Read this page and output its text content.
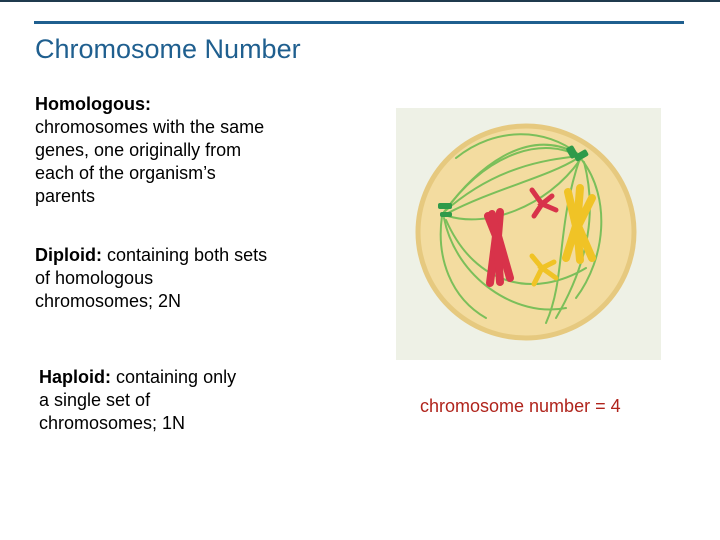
Chromosome Number
Homologous: chromosomes with the same genes, one originally from each of the organism’s parents
Diploid: containing both sets of homologous chromosomes; 2N
Haploid: containing only a single set of chromosomes; 1N
chromosome number = 4
